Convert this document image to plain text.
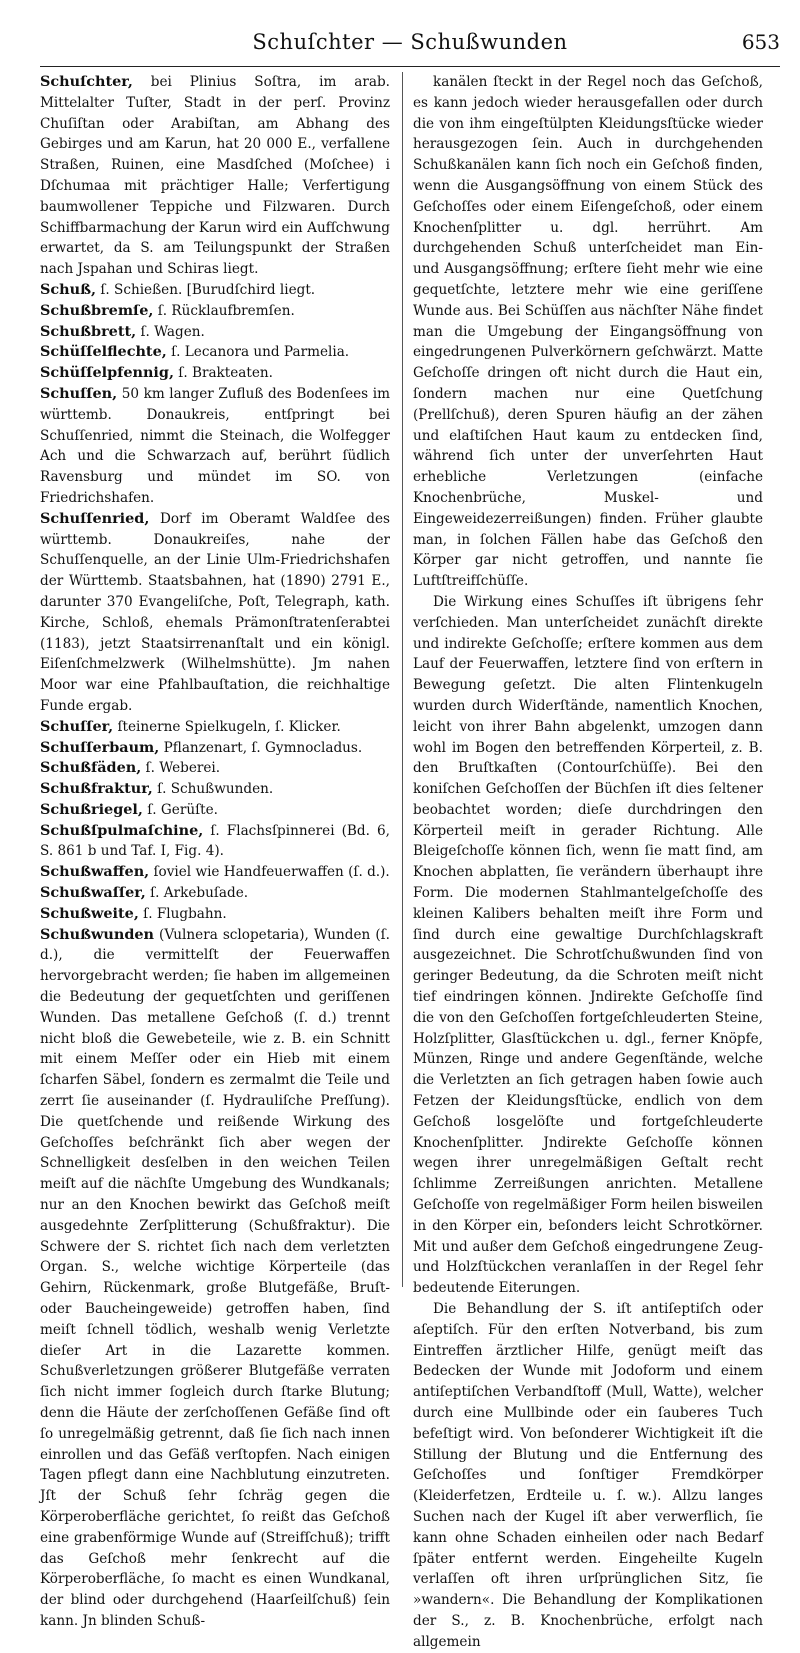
Schuſchter — Schußwunden	653

Schuſchter, bei Plinius Soſtra, im arab. Mittelalter Tuſter, Stadt in der perſ. Provinz Chuſiſtan oder Arabiſtan, am Abhang des Gebirges und am Karun, hat 20 000 E., verfallene Straßen, Ruinen, eine Masdſched (Moſchee) i Dſchumaa mit prächtiger Halle; Verfertigung baumwollener Teppiche und Filzwaren. Durch Schiffbarmachung der Karun wird ein Aufſchwung erwartet, da S. am Teilungspunkt der Straßen nach Jspahan und Schiras liegt.

Schuß, ſ. Schießen. [Burudſchird liegt.

Schußbremſe, ſ. Rücklaufbremſen.

Schußbrett, ſ. Wagen.

Schüſſelflechte, ſ. Lecanora und Parmelia.

Schüſſelpfennig, ſ. Brakteaten.

Schuſſen, 50 km langer Zufluß des Bodenſees im württemb. Donaukreis, entſpringt bei Schuſſenried, nimmt die Steinach, die Wolfegger Ach und die Schwarzach auf, berührt ſüdlich Ravensburg und mündet im SO. von Friedrichshafen.

Schuſſenried, Dorf im Oberamt Waldſee des württemb. Donaukreiſes, nahe der Schuſſenquelle, an der Linie Ulm-Friedrichshafen der Württemb. Staatsbahnen, hat (1890) 2791 E., darunter 370 Evangeliſche, Poſt, Telegraph, kath. Kirche, Schloß, ehemals Prämonſtratenſerabtei (1183), jetzt Staatsirrenanſtalt und ein königl. Eiſenſchmelzwerk (Wilhelmshütte). Jm nahen Moor war eine Pfahlbauſtation, die reichhaltige Funde ergab.

Schuſſer, ſteinerne Spielkugeln, ſ. Klicker.

Schuſſerbaum, Pflanzenart, ſ. Gymnocladus.

Schußfäden, ſ. Weberei.

Schußfraktur, ſ. Schußwunden.

Schußriegel, ſ. Gerüſte.

Schußſpulmaſchine, ſ. Flachsſpinnerei (Bd. 6, S. 861 b und Taf. I, Fig. 4).

Schußwaffen, ſoviel wie Handfeuerwaffen (ſ. d.).

Schußwaſſer, ſ. Arkebuſade.

Schußweite, ſ. Flugbahn.

Schußwunden (Vulnera sclopetaria), Wunden (ſ. d.), die vermittelſt der Feuerwaffen hervorgebracht werden; ſie haben im allgemeinen die Bedeutung der gequetſchten und geriſſenen Wunden. Das metallene Geſchoß (ſ. d.) trennt nicht bloß die Gewebeteile, wie z. B. ein Schnitt mit einem Meſſer oder ein Hieb mit einem ſcharfen Säbel, ſondern es zermalmt die Teile und zerrt ſie auseinander (ſ. Hydrauliſche Preſſung). Die quetſchende und reißende Wirkung des Geſchoſſes beſchränkt ſich aber wegen der Schnelligkeit desſelben in den weichen Teilen meiſt auf die nächſte Umgebung des Wundkanals; nur an den Knochen bewirkt das Geſchoß meiſt ausgedehnte Zerſplitterung (Schußfraktur). Die Schwere der S. richtet ſich nach dem verletzten Organ. S., welche wichtige Körperteile (das Gehirn, Rückenmark, große Blutgefäße, Bruſt- oder Baucheingeweide) getroffen haben, ſind meiſt ſchnell tödlich, weshalb wenig Verletzte dieſer Art in die Lazarette kommen. Schußverletzungen größerer Blutgefäße verraten ſich nicht immer ſogleich durch ſtarke Blutung; denn die Häute der zerſchoſſenen Gefäße ſind oft ſo unregelmäßig getrennt, daß ſie ſich nach innen einrollen und das Gefäß verſtopfen. Nach einigen Tagen pflegt dann eine Nachblutung einzutreten. Jſt der Schuß ſehr ſchräg gegen die Körperoberfläche gerichtet, ſo reißt das Geſchoß eine grabenförmige Wunde auf (Streifſchuß); trifft das Geſchoß mehr ſenkrecht auf die Körperoberfläche, ſo macht es einen Wundkanal, der blind oder durchgehend (Haarſeilſchuß) ſein kann. Jn blinden Schuß-

kanälen ſteckt in der Regel noch das Geſchoß, es kann jedoch wieder herausgefallen oder durch die von ihm eingeſtülpten Kleidungsſtücke wieder herausgezogen ſein. Auch in durchgehenden Schußkanälen kann ſich noch ein Geſchoß finden, wenn die Ausgangsöffnung von einem Stück des Geſchoſſes oder einem Eiſengeſchoß, oder einem Knochenſplitter u. dgl. herrührt. Am durchgehenden Schuß unterſcheidet man Ein- und Ausgangsöffnung; erſtere ſieht mehr wie eine gequetſchte, letztere mehr wie eine geriſſene Wunde aus. Bei Schüſſen aus nächſter Nähe findet man die Umgebung der Eingangsöffnung von eingedrungenen Pulverkörnern geſchwärzt. Matte Geſchoſſe dringen oft nicht durch die Haut ein, ſondern machen nur eine Quetſchung (Prellſchuß), deren Spuren häufig an der zähen und elaſtiſchen Haut kaum zu entdecken ſind, während ſich unter der unverſehrten Haut erhebliche Verletzungen (einfache Knochenbrüche, Muskel- und Eingeweidezerreißungen) finden. Früher glaubte man, in ſolchen Fällen habe das Geſchoß den Körper gar nicht getroffen, und nannte ſie Luftſtreifſchüſſe.

Die Wirkung eines Schuſſes iſt übrigens ſehr verſchieden. Man unterſcheidet zunächſt direkte und indirekte Geſchoſſe; erſtere kommen aus dem Lauf der Feuerwaffen, letztere ſind von erſtern in Bewegung geſetzt. Die alten Flintenkugeln wurden durch Widerſtände, namentlich Knochen, leicht von ihrer Bahn abgelenkt, umzogen dann wohl im Bogen den betreffenden Körperteil, z. B. den Bruſtkaſten (Contourſchüſſe). Bei den koniſchen Geſchoſſen der Büchſen iſt dies ſeltener beobachtet worden; dieſe durchdringen den Körperteil meiſt in gerader Richtung. Alle Bleigeſchoſſe können ſich, wenn ſie matt ſind, am Knochen abplatten, ſie verändern überhaupt ihre Form. Die modernen Stahlmantelgeſchoſſe des kleinen Kalibers behalten meiſt ihre Form und ſind durch eine gewaltige Durchſchlagskraft ausgezeichnet. Die Schrotſchußwunden ſind von geringer Bedeutung, da die Schroten meiſt nicht tief eindringen können. Jndirekte Geſchoſſe ſind die von den Geſchoſſen fortgeſchleuderten Steine, Holzſplitter, Glasſtückchen u. dgl., ferner Knöpfe, Münzen, Ringe und andere Gegenſtände, welche die Verletzten an ſich getragen haben ſowie auch Fetzen der Kleidungsſtücke, endlich von dem Geſchoß losgelöſte und fortgeſchleuderte Knochenſplitter. Jndirekte Geſchoſſe können wegen ihrer unregelmäßigen Geſtalt recht ſchlimme Zerreißungen anrichten. Metallene Geſchoſſe von regelmäßiger Form heilen bisweilen in den Körper ein, beſonders leicht Schrotkörner. Mit und außer dem Geſchoß eingedrungene Zeug- und Holzſtückchen veranlaſſen in der Regel ſehr bedeutende Eiterungen.

Die Behandlung der S. iſt antiſeptiſch oder aſeptiſch. Für den erſten Notverband, bis zum Eintreffen ärztlicher Hilfe, genügt meiſt das Bedecken der Wunde mit Jodoform und einem antiſeptiſchen Verbandſtoff (Mull, Watte), welcher durch eine Mullbinde oder ein ſauberes Tuch befeſtigt wird. Von beſonderer Wichtigkeit iſt die Stillung der Blutung und die Entfernung des Geſchoſſes und ſonſtiger Fremdkörper (Kleiderfetzen, Erdteile u. ſ. w.). Allzu langes Suchen nach der Kugel iſt aber verwerflich, ſie kann ohne Schaden einheilen oder nach Bedarf ſpäter entfernt werden. Eingeheilte Kugeln verlaſſen oft ihren urſprünglichen Sitz, ſie »wandern«. Die Behandlung der Komplikationen der S., z. B. Knochenbrüche, erfolgt nach allgemein
